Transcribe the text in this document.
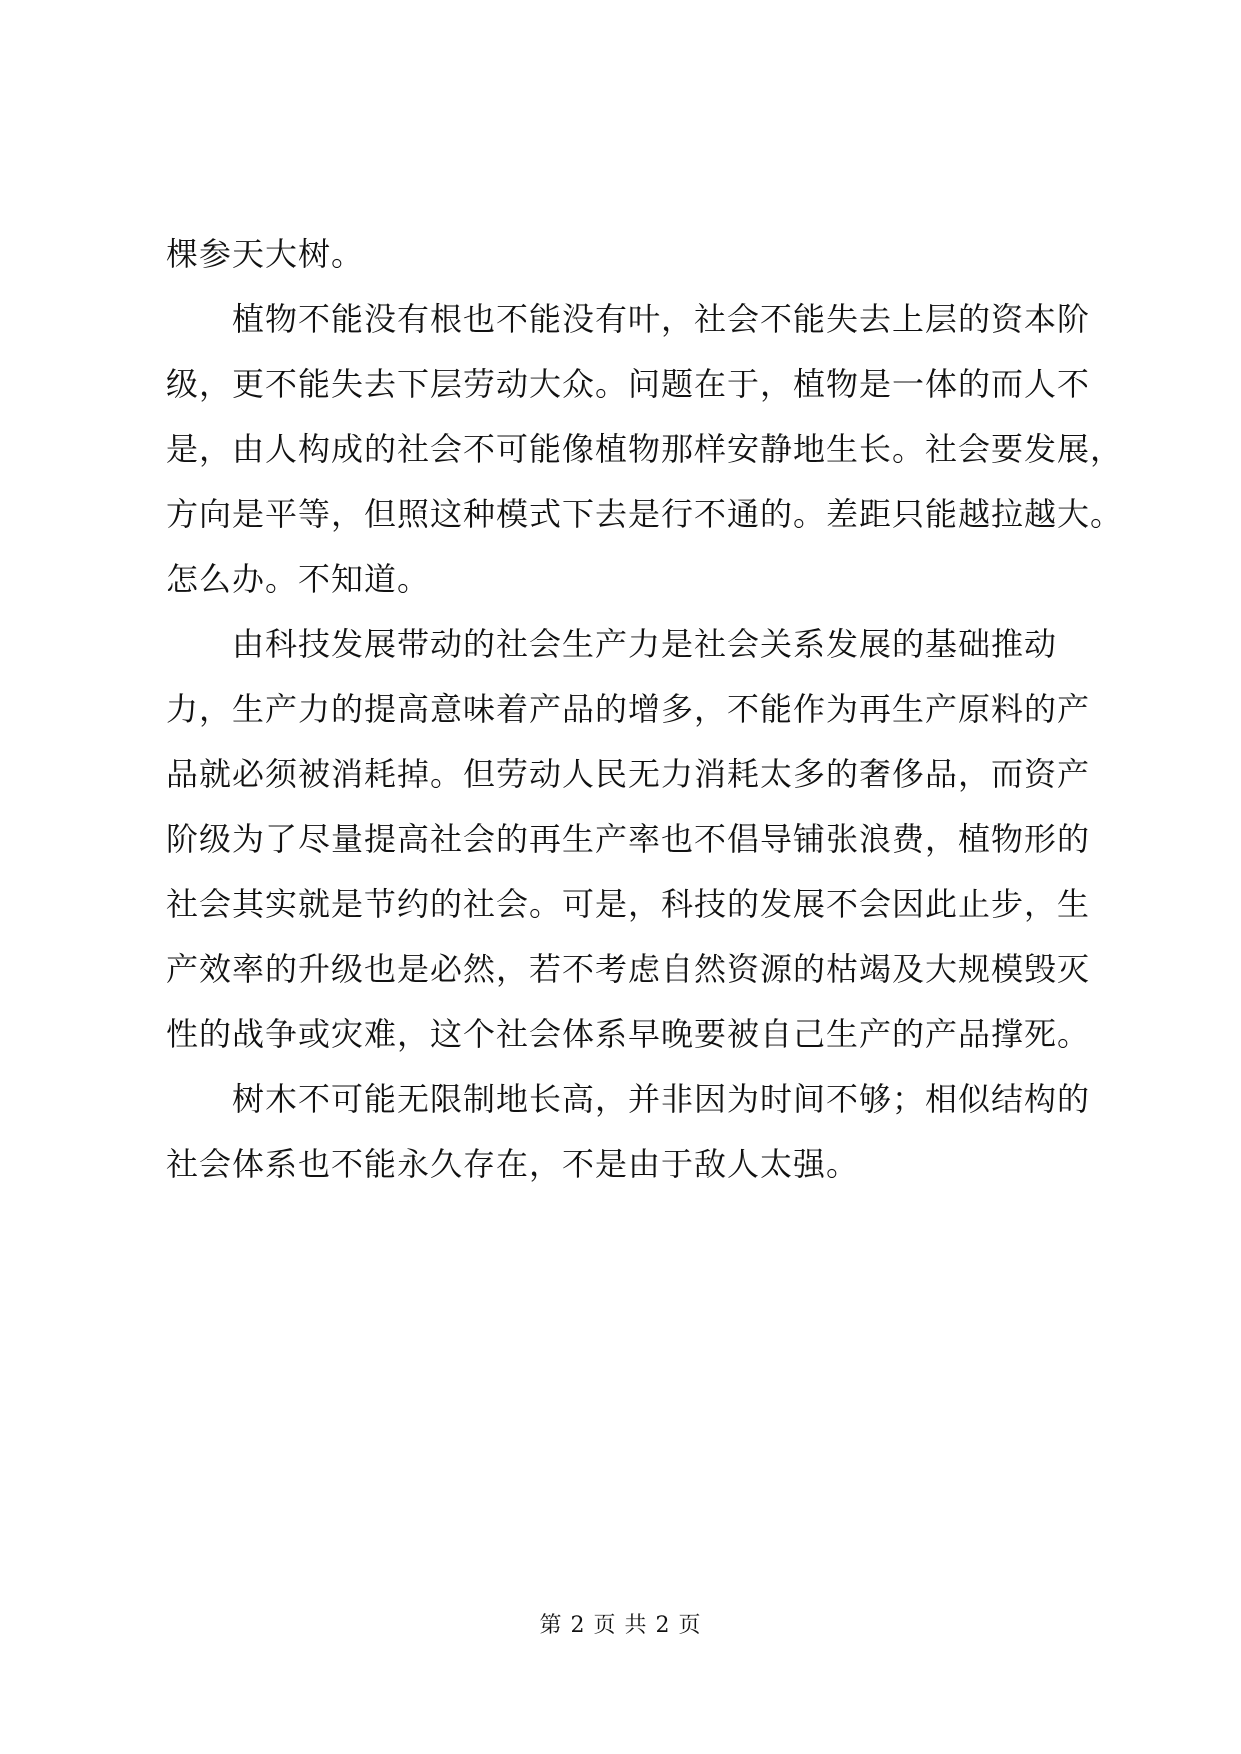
棵参天大树。
植物不能没有根也不能没有叶，社会不能失去上层的资本阶
级，更不能失去下层劳动大众。问题在于，植物是一体的而人不
是，由人构成的社会不可能像植物那样安静地生长。社会要发展，
方向是平等，但照这种模式下去是行不通的。差距只能越拉越大。
怎么办。不知道。
由科技发展带动的社会生产力是社会关系发展的基础推动
力，生产力的提高意味着产品的增多，不能作为再生产原料的产
品就必须被消耗掉。但劳动人民无力消耗太多的奢侈品，而资产
阶级为了尽量提高社会的再生产率也不倡导铺张浪费，植物形的
社会其实就是节约的社会。可是，科技的发展不会因此止步，生
产效率的升级也是必然，若不考虑自然资源的枯竭及大规模毁灭
性的战争或灾难，这个社会体系早晚要被自己生产的产品撑死。
树木不可能无限制地长高，并非因为时间不够；相似结构的
社会体系也不能永久存在，不是由于敌人太强。
第 2 页 共 2 页
